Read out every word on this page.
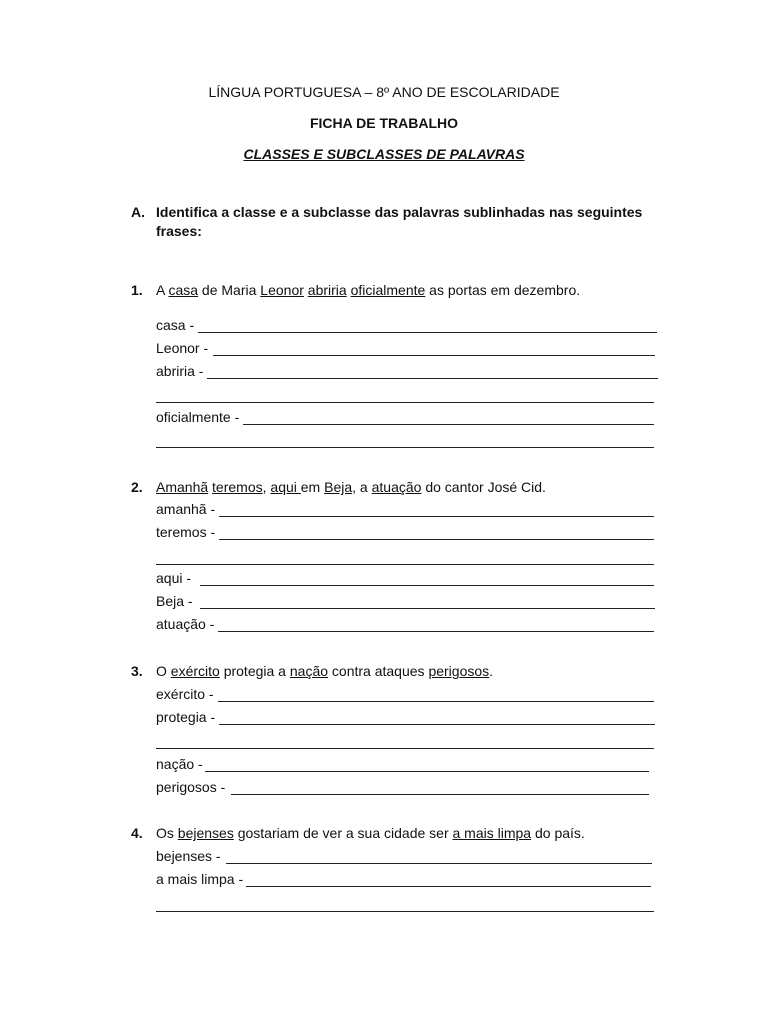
LÍNGUA PORTUGUESA – 8º ANO DE ESCOLARIDADE
FICHA DE TRABALHO
CLASSES E SUBCLASSES DE PALAVRAS
A. Identifica a classe e a subclasse das palavras sublinhadas nas seguintes frases:
1. A casa de Maria Leonor abriria oficialmente as portas em dezembro.
casa -
Leonor -
abriria -
oficialmente -
2. Amanhã teremos, aqui em Beja, a atuação do cantor José Cid.
amanhã -
teremos -
aqui -
Beja -
atuação -
3. O exército protegia a nação contra ataques perigosos.
exército -
protegia -
nação -
perigosos -
4. Os bejenses gostariam de ver a sua cidade ser a mais limpa do país.
bejenses -
a mais limpa -
